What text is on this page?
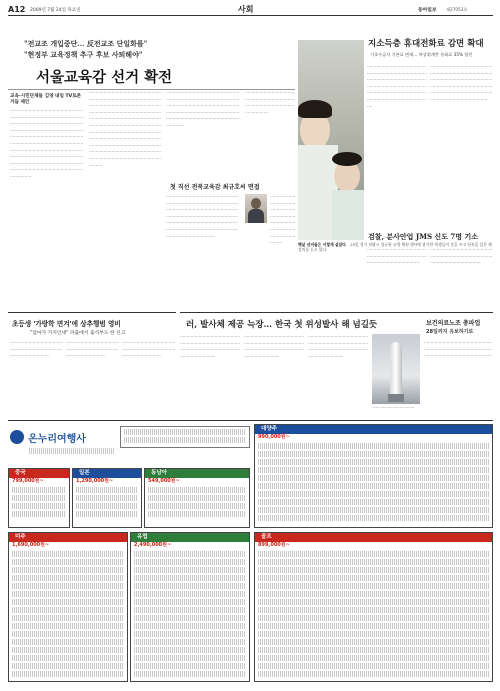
A12 2009년 7월 24일 목요일	사회	동아일보 제27053호
"전교조 개입중단… 反전교조 단일화를"
"현정부 교육정책 추구 후보 사퇴해야"
서울교육감 선거 확전
교육-시민단체들 김영 내일 TV토론 거듭 제안
·······················································································································································································································································································································································································································································································································································································
····························································································································································································································································································································································································································································································································································································································
·································································································································································································································································································
·································································································································
첫 직선 전북교육감 최규호씨 면접
········································································································································································································································································································································································
··············································································································································
지소득층 휴대전화료 감면 확대
기초수급자 기본료 면제… 차상위계층 통화료 35% 할인
··················································································································································································································································································
······················································································································································································································································································
햇살 선비들은 이렇게 살았다 23일 경기 의왕시 성균관 유생 체험 행사에 참가한 학생들이 갓을 쓰고 한복을 입은 채 강의를 듣고 있다.
검찰, 분사안업 JMS 신도 7명 기소
··································································································································
····································································································································
러, 발사체 제공 늑장… 한국 첫 위성발사 해 넘길듯
·································································································································································
·································································································································································
·································································································································································
···································
보건의료노조 총파업
28일까지 유보하기로
·························································································································································
초등생 '가방학 면겨'에 상추행범 영비
"엄마가 가지던대" 파출에서 출석부도 한 신고
············································································································
············································································································
··············································································································
온누리여행사
중국
799,000원~
일본
1,290,000원~
동남아
549,000원~
대양주
990,000원~
미주
1,690,000원~
유럽
2,490,000원~
골프
899,000원~
